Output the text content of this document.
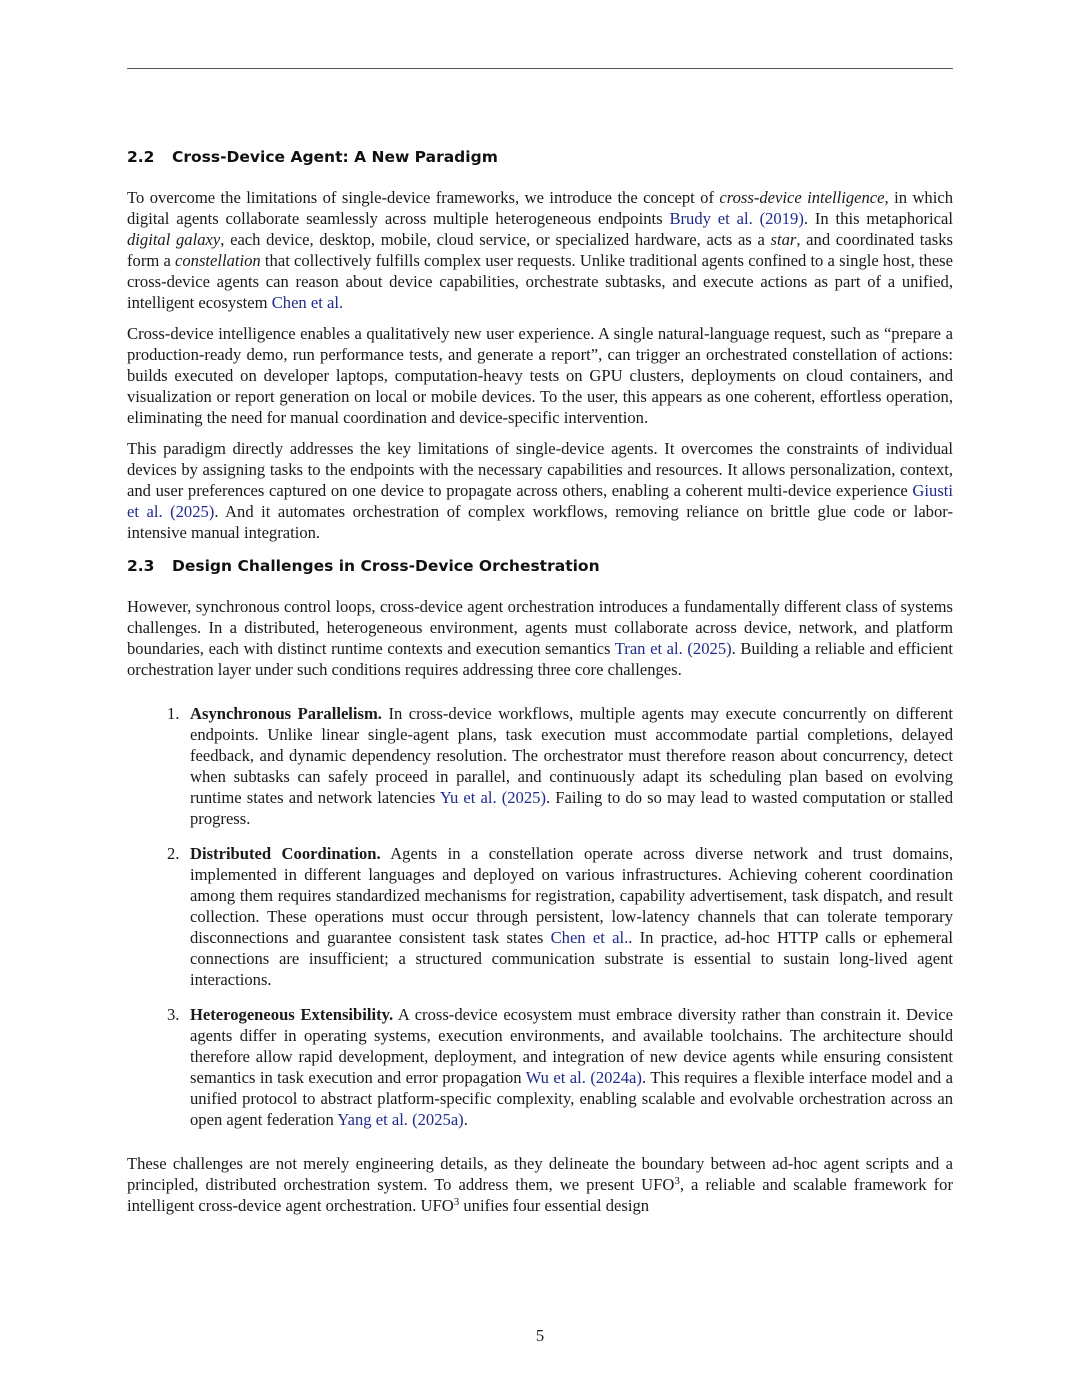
2.2 Cross-Device Agent: A New Paradigm

To overcome the limitations of single-device frameworks, we introduce the concept of cross-device intelligence, in which digital agents collaborate seamlessly across multiple heterogeneous endpoints Brudy et al. (2019). In this metaphorical digital galaxy, each device, desktop, mobile, cloud service, or specialized hardware, acts as a star, and coordinated tasks form a constellation that collectively fulfills complex user requests. Unlike traditional agents confined to a single host, these cross-device agents can reason about device capabilities, orchestrate subtasks, and execute actions as part of a unified, intelligent ecosystem Chen et al.

Cross-device intelligence enables a qualitatively new user experience. A single natural-language request, such as “prepare a production-ready demo, run performance tests, and generate a report”, can trigger an orchestrated constellation of actions: builds executed on developer laptops, computation-heavy tests on GPU clusters, deployments on cloud containers, and visualization or report generation on local or mobile devices. To the user, this appears as one coherent, effortless operation, eliminating the need for manual coordination and device-specific intervention.

This paradigm directly addresses the key limitations of single-device agents. It overcomes the constraints of individual devices by assigning tasks to the endpoints with the necessary capabilities and resources. It allows personalization, context, and user preferences captured on one device to propagate across others, enabling a coherent multi-device experience Giusti et al. (2025). And it automates orchestration of complex workflows, removing reliance on brittle glue code or labor-intensive manual integration.

2.3 Design Challenges in Cross-Device Orchestration

However, synchronous control loops, cross-device agent orchestration introduces a fundamentally different class of systems challenges. In a distributed, heterogeneous environment, agents must collaborate across device, network, and platform boundaries, each with distinct runtime contexts and execution semantics Tran et al. (2025). Building a reliable and efficient orchestration layer under such conditions requires addressing three core challenges.

1. Asynchronous Parallelism. In cross-device workflows, multiple agents may execute concurrently on different endpoints. Unlike linear single-agent plans, task execution must accommodate partial completions, delayed feedback, and dynamic dependency resolution. The orchestrator must therefore reason about concurrency, detect when subtasks can safely proceed in parallel, and continuously adapt its scheduling plan based on evolving runtime states and network latencies Yu et al. (2025). Failing to do so may lead to wasted computation or stalled progress.

2. Distributed Coordination. Agents in a constellation operate across diverse network and trust domains, implemented in different languages and deployed on various infrastructures. Achieving coherent coordination among them requires standardized mechanisms for registration, capability advertisement, task dispatch, and result collection. These operations must occur through persistent, low-latency channels that can tolerate temporary disconnections and guarantee consistent task states Chen et al.. In practice, ad-hoc HTTP calls or ephemeral connections are insufficient; a structured communication substrate is essential to sustain long-lived agent interactions.

3. Heterogeneous Extensibility. A cross-device ecosystem must embrace diversity rather than constrain it. Device agents differ in operating systems, execution environments, and available toolchains. The architecture should therefore allow rapid development, deployment, and integration of new device agents while ensuring consistent semantics in task execution and error propagation Wu et al. (2024a). This requires a flexible interface model and a unified protocol to abstract platform-specific complexity, enabling scalable and evolvable orchestration across an open agent federation Yang et al. (2025a).

These challenges are not merely engineering details, as they delineate the boundary between ad-hoc agent scripts and a principled, distributed orchestration system. To address them, we present UFO$^3$, a reliable and scalable framework for intelligent cross-device agent orchestration. UFO$^3$ unifies four essential design

5
